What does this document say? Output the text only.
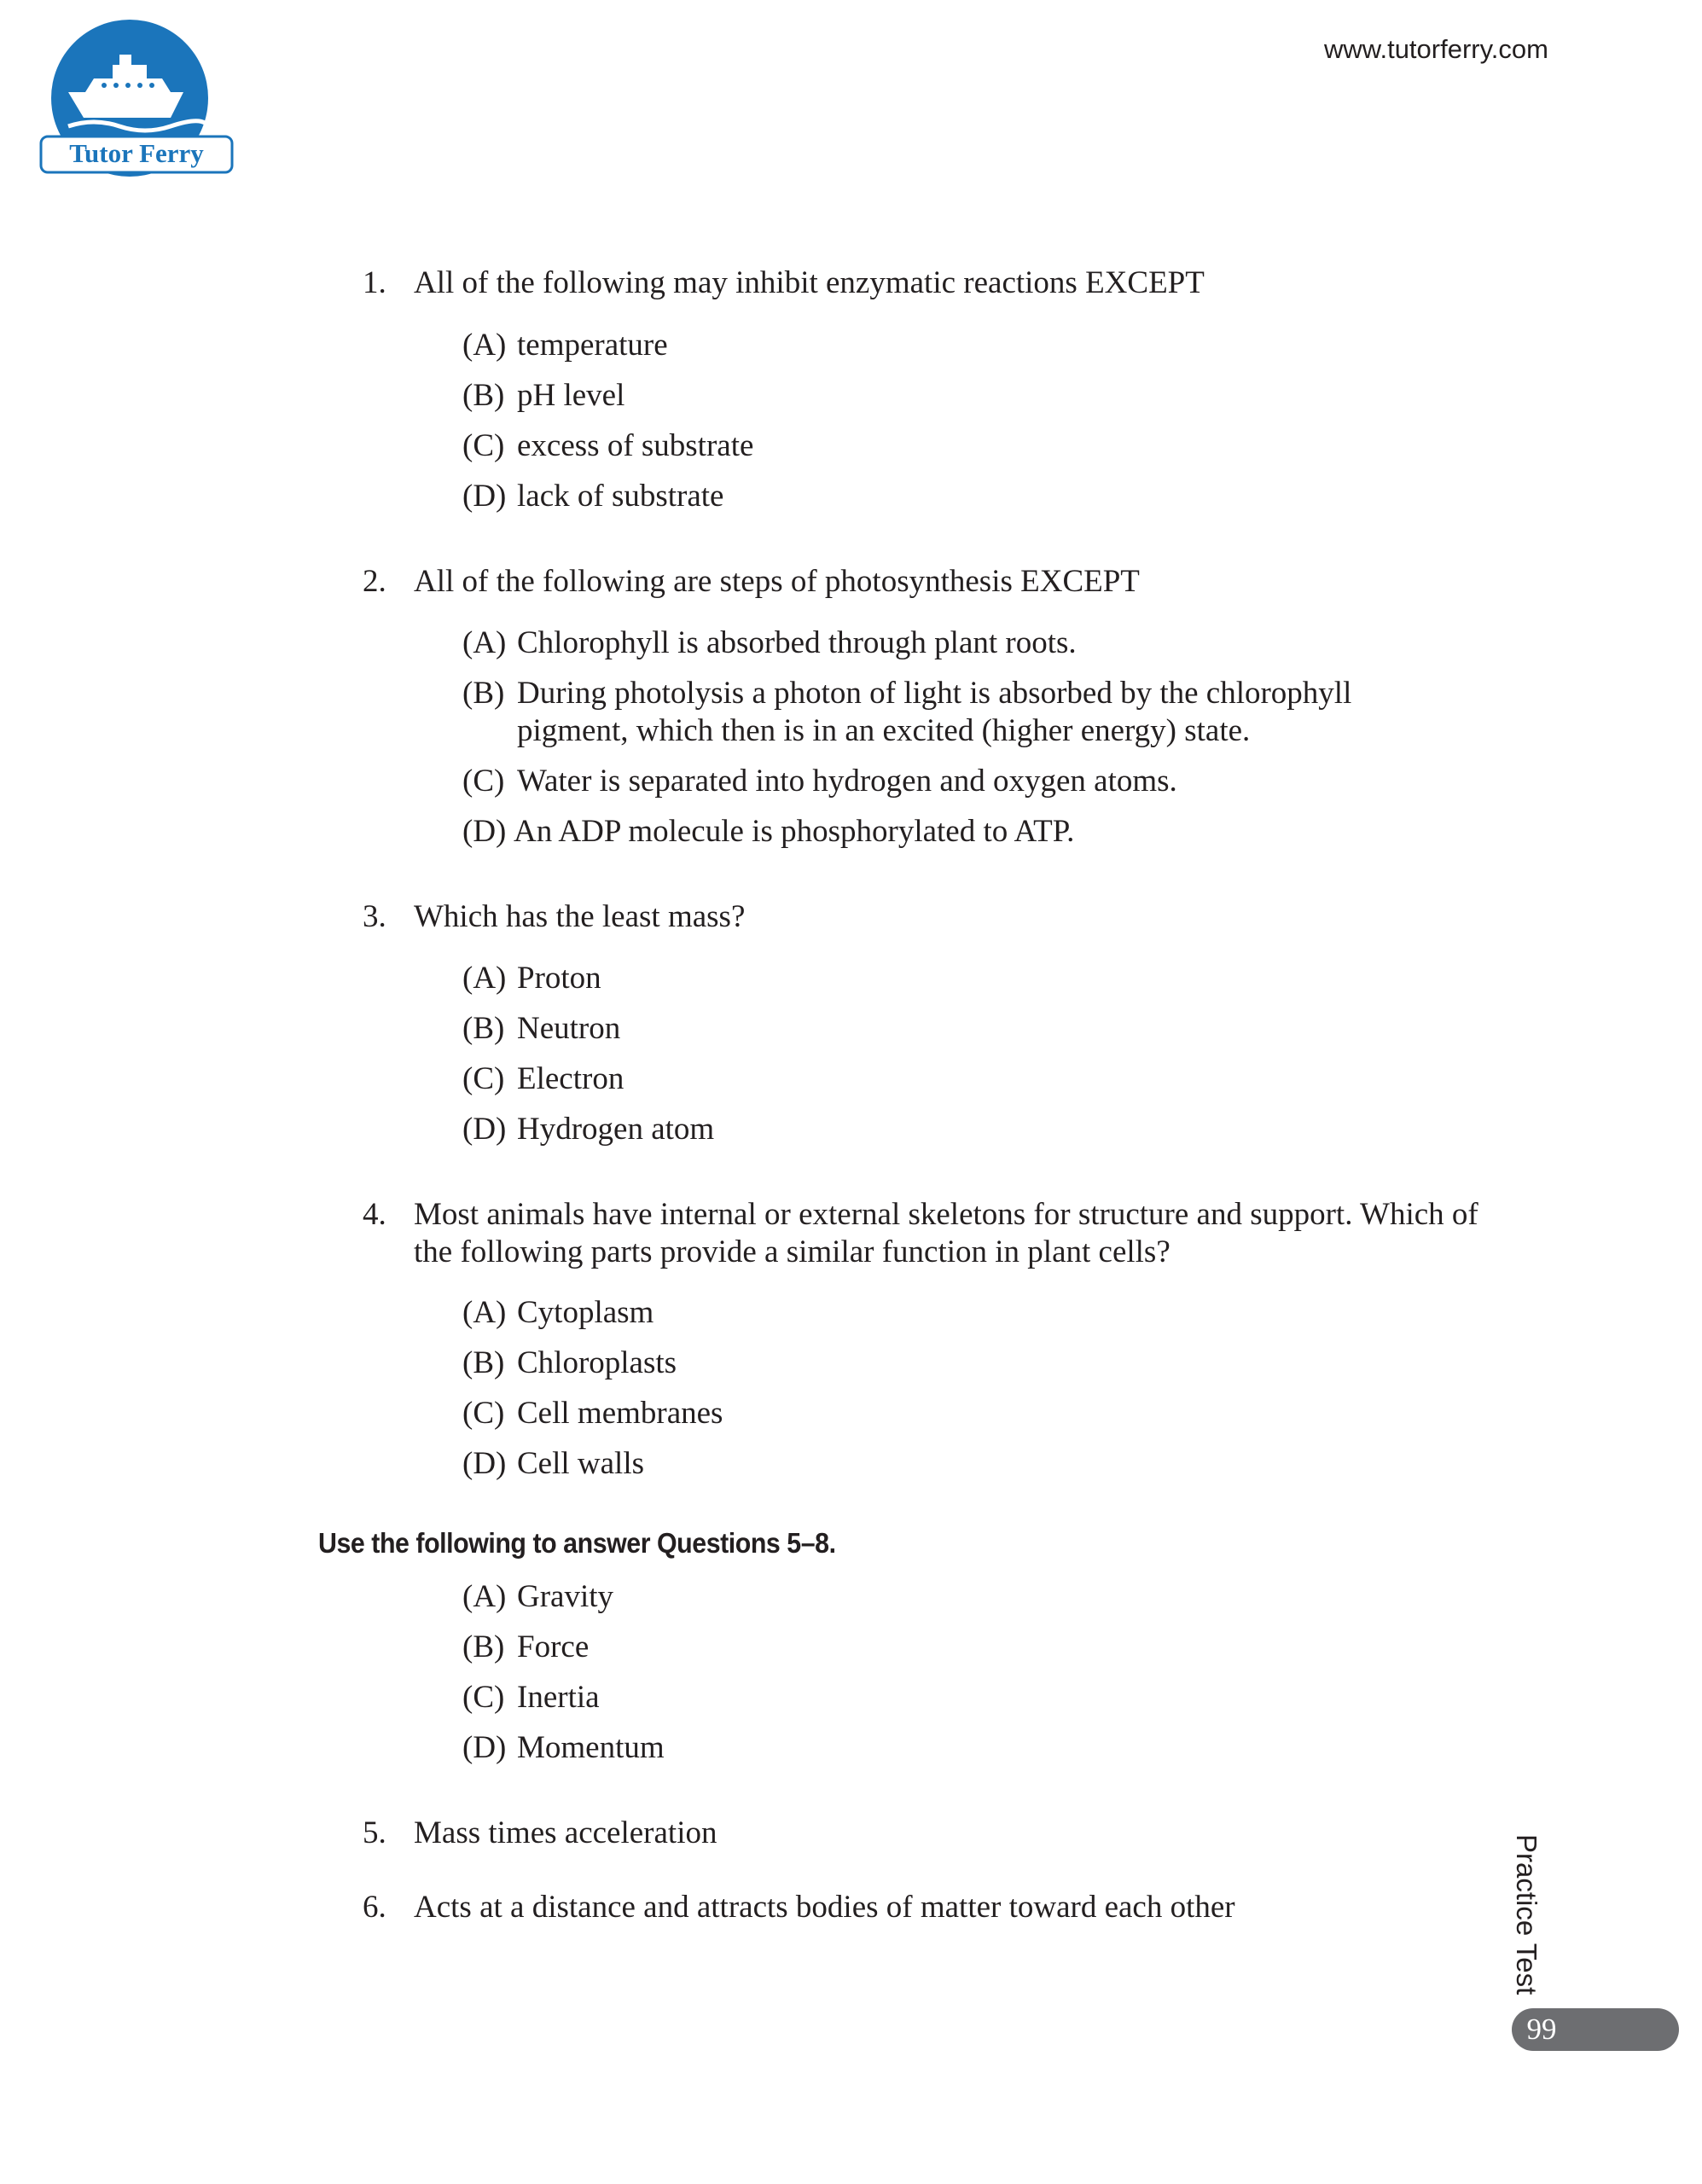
Tutor Ferry
www.tutorferry.com
1. All of the following may inhibit enzymatic reactions EXCEPT
(A) temperature
(B) pH level
(C) excess of substrate
(D) lack of substrate
2. All of the following are steps of photosynthesis EXCEPT
(A) Chlorophyll is absorbed through plant roots.
(B) During photolysis a photon of light is absorbed by the chlorophyll pigment, which then is in an excited (higher energy) state.
(C) Water is separated into hydrogen and oxygen atoms.
(D) An ADP molecule is phosphorylated to ATP.
3. Which has the least mass?
(A) Proton
(B) Neutron
(C) Electron
(D) Hydrogen atom
4. Most animals have internal or external skeletons for structure and support. Which of the following parts provide a similar function in plant cells?
(A) Cytoplasm
(B) Chloroplasts
(C) Cell membranes
(D) Cell walls
Use the following to answer Questions 5–8.
(A) Gravity
(B) Force
(C) Inertia
(D) Momentum
5. Mass times acceleration
6. Acts at a distance and attracts bodies of matter toward each other	Practice Test
99
